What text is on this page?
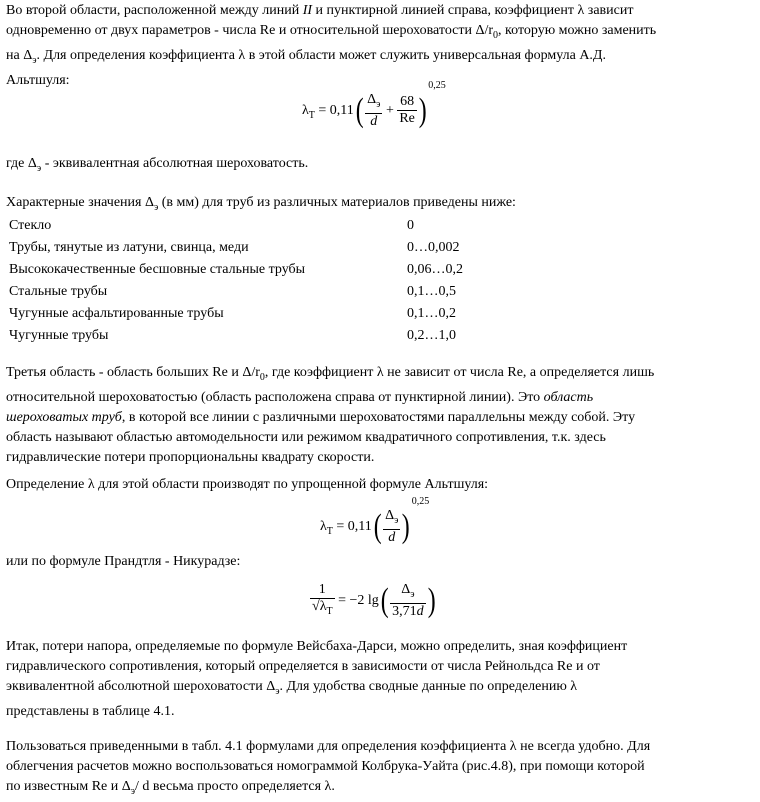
Во второй области, расположенной между линий II и пунктирной линией справа, коэффициент λ зависит
одновременно от двух параметров - числа Re и относительной шероховатости $\Delta/r_0$, которую можно заменить
на $\Delta_э$. Для определения коэффициента λ в этой области может служить универсальная формула А.Д.
Альтшуля:
$\lambda_Т = 0,11( \frac{\Delta_э}{d} + \frac{68}{Re} )^{0,25}$
где $\Delta_э$ - эквивалентная абсолютная шероховатость.
Характерные значения $\Delta_э$ (в мм) для труб из различных материалов приведены ниже:
Стекло	0
Трубы, тянутые из латуни, свинца, меди	0…0,002
Высококачественные бесшовные стальные трубы	0,06…0,2
Стальные трубы	0,1…0,5
Чугунные асфальтированные трубы	0,1…0,2
Чугунные трубы	0,2…1,0
Третья область - область больших Re и $\Delta/r_0$, где коэффициент λ не зависит от числа Re, а определяется лишь
относительной шероховатостью (область расположена справа от пунктирной линии). Это область
шероховатых труб, в которой все линии с различными шероховатостями параллельны между собой. Эту
область называют областью автомодельности или режимом квадратичного сопротивления, т.к. здесь
гидравлические потери пропорциональны квадрату скорости.
Определение λ для этой области производят по упрощенной формуле Альтшуля:
$\lambda_Т = 0,11( \frac{\Delta_э}{d} )^{0,25}$
или по формуле Прандтля - Никурадзе:
$\frac{1}{√\lambda_Т} = -2$ $\lg( \frac{\Delta_э}{3,71d}$ )
Итак, потери напора, определяемые по формуле Вейсбаха-Дарси, можно определить, зная коэффициент
гидравлического сопротивления, который определяется в зависимости от числа Рейнольдса Re и от
эквивалентной абсолютной шероховатости $\Delta_э$. Для удобства сводные данные по определению λ
представлены в таблице 4.1.
Пользоваться приведенными в табл. 4.1 формулами для определения коэффициента λ не всегда удобно. Для
облегчения расчетов можно воспользоваться номограммой Колбрука-Уайта (рис.4.8), при помощи которой
по известным Re и $\Delta_э/$ d весьма просто определяется λ.
